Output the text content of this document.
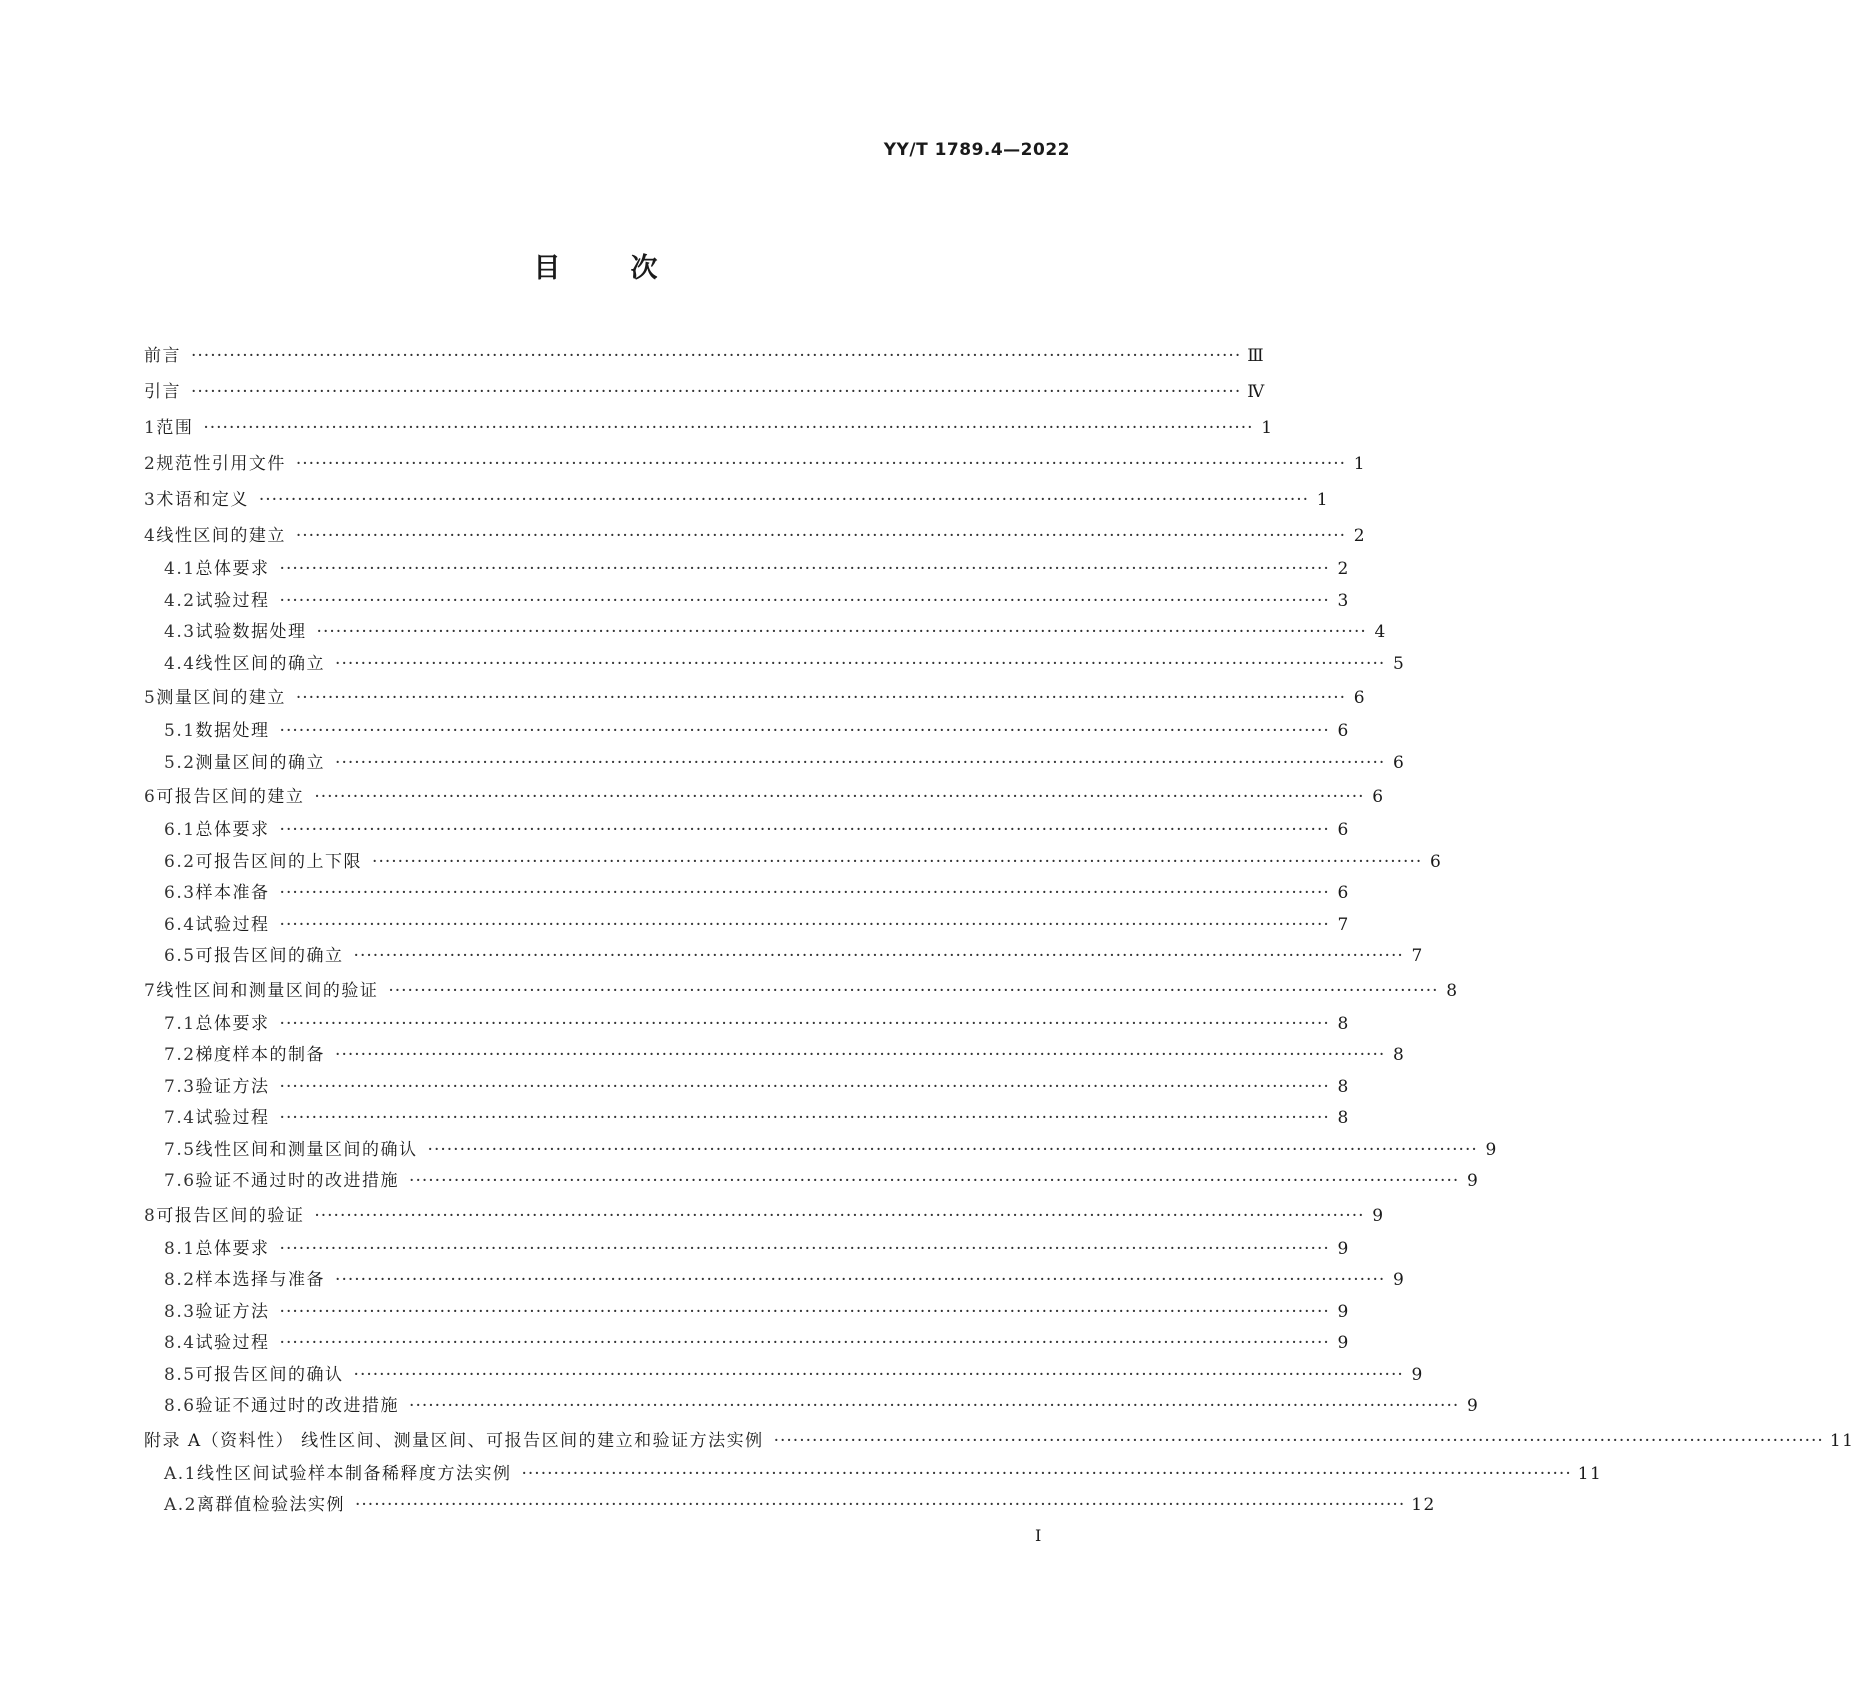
YY/T 1789.4—2022
目	次
前言 ·····	Ⅲ
引言 ·····	Ⅳ
1 范围 ·····	1
2 规范性引用文件 ·····	1
3 术语和定义 ·····	1
4 线性区间的建立 ·····	2
4.1 总体要求 ·····	2
4.2 试验过程 ·····	3
4.3 试验数据处理 ·····	4
4.4 线性区间的确立 ·····	5
5 测量区间的建立 ·····	6
5.1 数据处理 ·····	6
5.2 测量区间的确立 ·····	6
6 可报告区间的建立 ·····	6
6.1 总体要求 ·····	6
6.2 可报告区间的上下限 ·····	6
6.3 样本准备 ·····	6
6.4 试验过程 ·····	7
6.5 可报告区间的确立 ·····	7
7 线性区间和测量区间的验证 ·····	8
7.1 总体要求 ·····	8
7.2 梯度样本的制备 ·····	8
7.3 验证方法 ·····	8
7.4 试验过程 ·····	8
7.5 线性区间和测量区间的确认 ·····	9
7.6 验证不通过时的改进措施 ·····	9
8 可报告区间的验证 ·····	9
8.1 总体要求 ·····	9
8.2 样本选择与准备 ·····	9
8.3 验证方法 ·····	9
8.4 试验过程 ·····	9
8.5 可报告区间的确认 ·····	9
8.6 验证不通过时的改进措施 ·····	9
附录 A（资料性） 线性区间、测量区间、可报告区间的建立和验证方法实例 ·····	11
A.1 线性区间试验样本制备稀释度方法实例 ·····	11
A.2 离群值检验法实例 ·····	12
I
